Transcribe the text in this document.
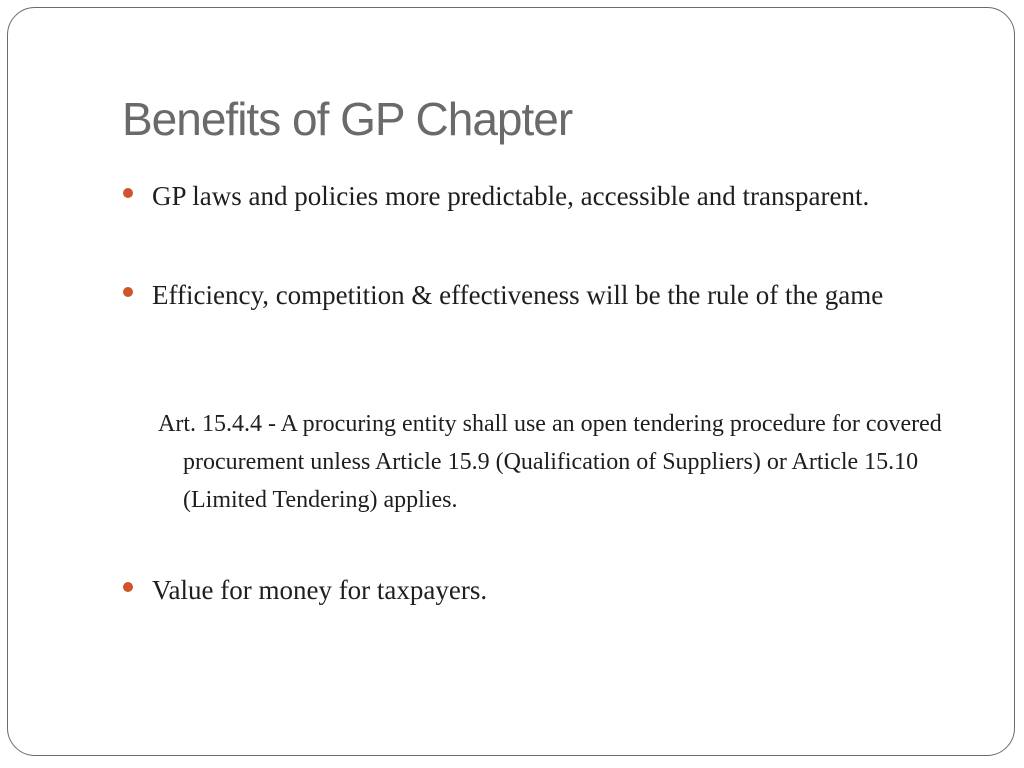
Benefits of GP Chapter
GP laws and policies more predictable, accessible and transparent.
Efficiency, competition & effectiveness will be the rule of the game
Art. 15.4.4 - A procuring entity shall use an open tendering procedure for covered procurement unless Article 15.9 (Qualification of Suppliers) or Article 15.10 (Limited Tendering) applies.
Value for money for taxpayers.
